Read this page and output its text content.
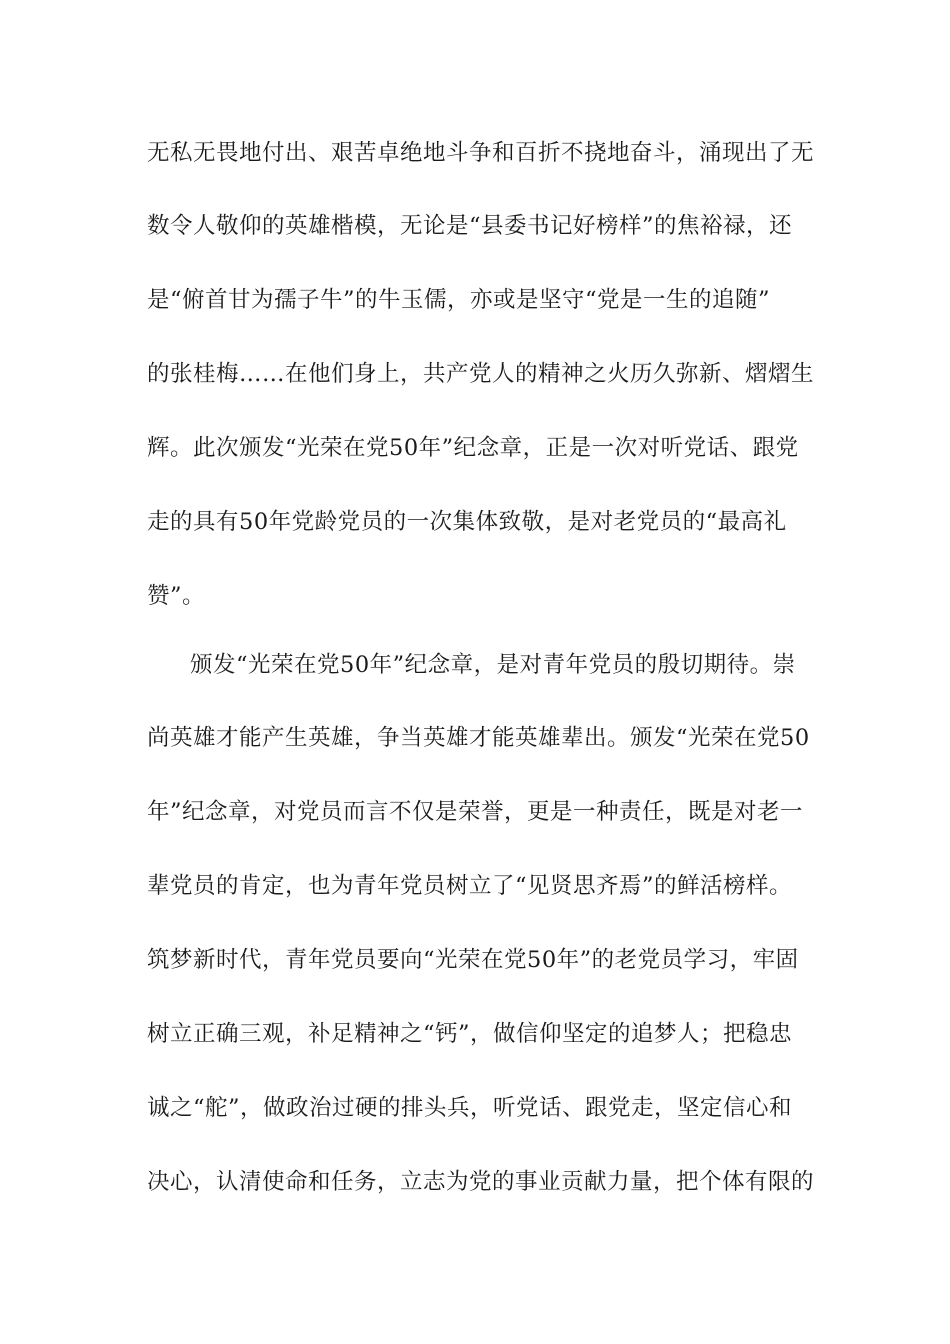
无私无畏地付出、艰苦卓绝地斗争和百折不挠地奋斗，涌现出了无
数令人敬仰的英雄楷模，无论是“县委书记好榜样”的焦裕禄，还
是“俯首甘为孺子牛”的牛玉儒，亦或是坚守“党是一生的追随”
的张桂梅……在他们身上，共产党人的精神之火历久弥新、熠熠生
辉。此次颁发“光荣在党50年”纪念章，正是一次对听党话、跟党
走的具有50年党龄党员的一次集体致敬，是对老党员的“最高礼
赞”。
颁发“光荣在党50年”纪念章，是对青年党员的殷切期待。崇
尚英雄才能产生英雄，争当英雄才能英雄辈出。颁发“光荣在党50
年”纪念章，对党员而言不仅是荣誉，更是一种责任，既是对老一
辈党员的肯定，也为青年党员树立了“见贤思齐焉”的鲜活榜样。
筑梦新时代，青年党员要向“光荣在党50年”的老党员学习，牢固
树立正确三观，补足精神之“钙”，做信仰坚定的追梦人；把稳忠
诚之“舵”，做政治过硬的排头兵，听党话、跟党走，坚定信心和
决心，认清使命和任务，立志为党的事业贡献力量，把个体有限的
